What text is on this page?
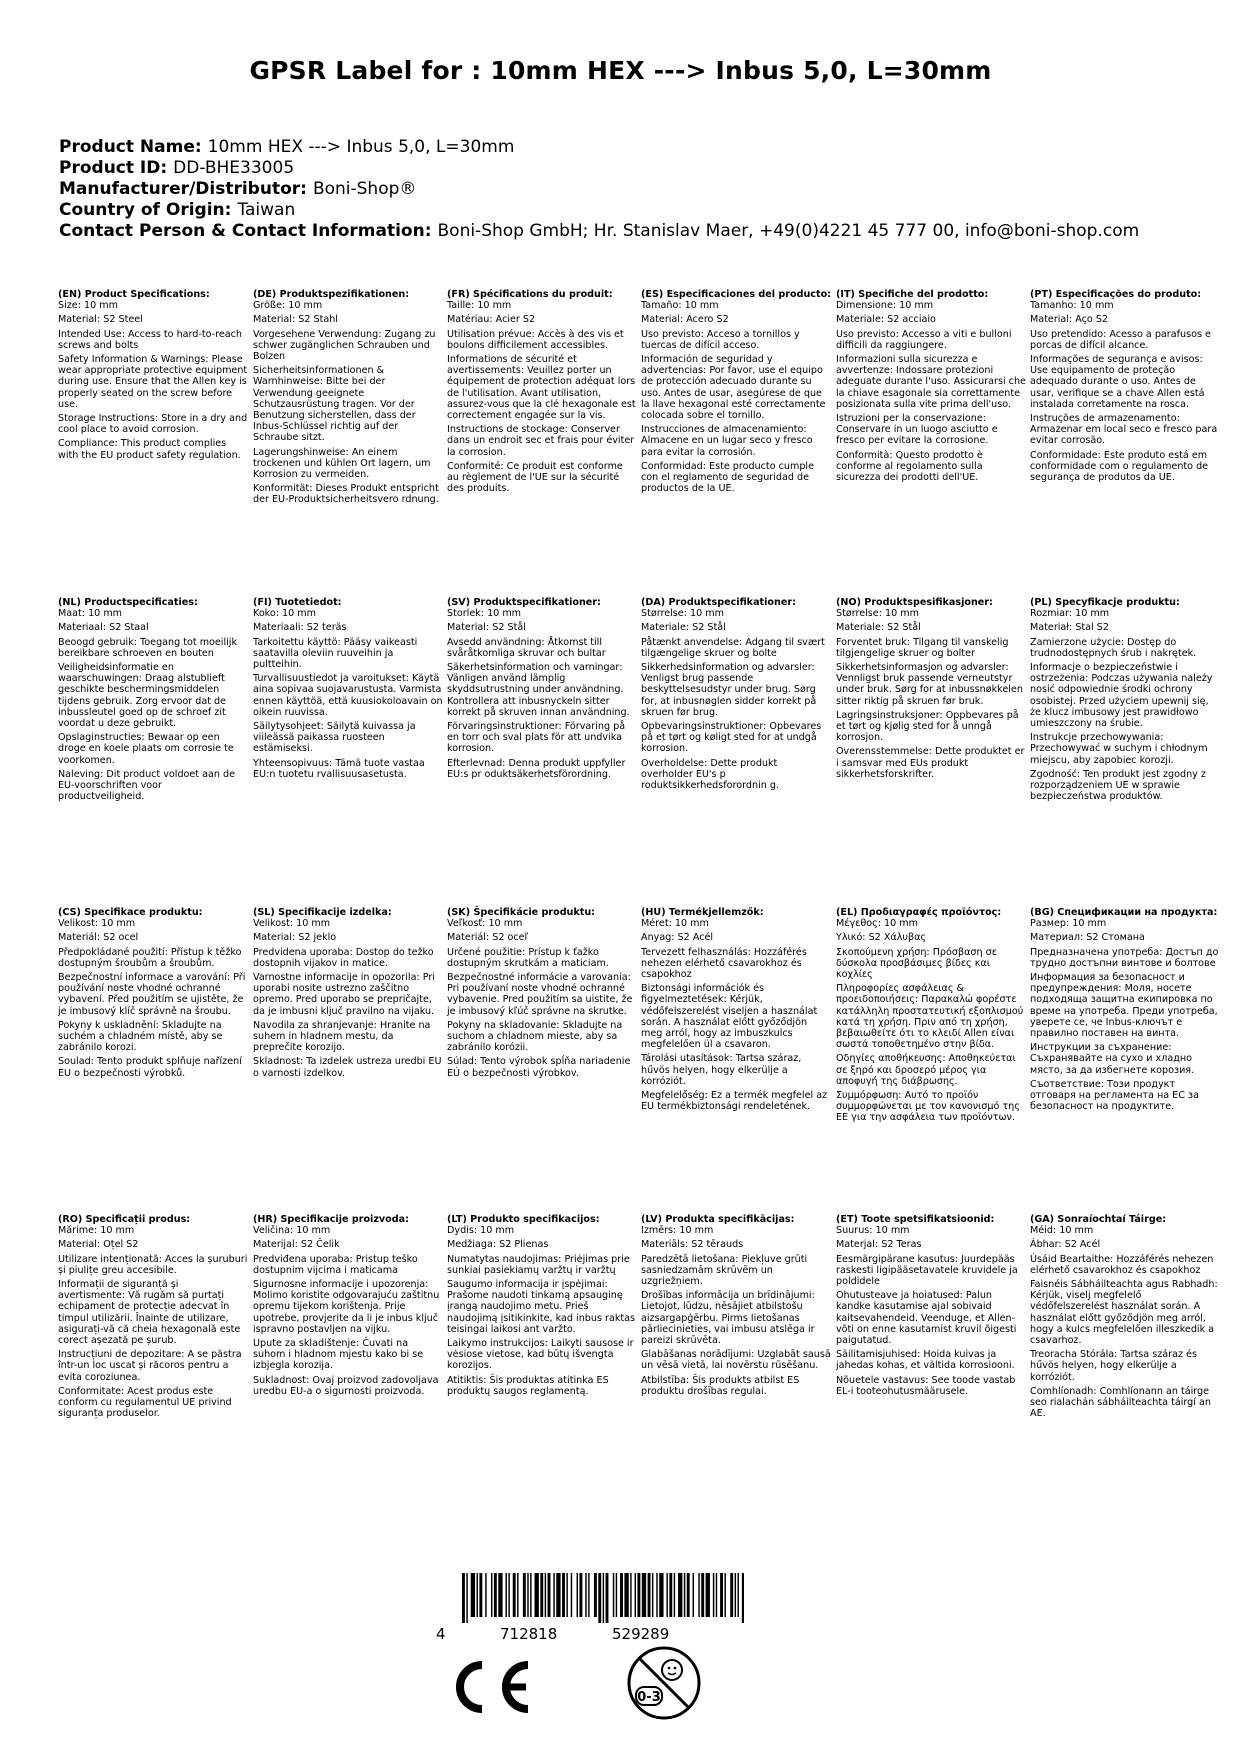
GPSR Label for : 10mm HEX ---> Inbus 5,0, L=30mm
Product Name: 10mm HEX ---> Inbus 5,0, L=30mm
Product ID: DD-BHE33005
Manufacturer/Distributor: Boni-Shop®
Country of Origin: Taiwan
Contact Person & Contact Information: Boni-Shop GmbH; Hr. Stanislav Maer, +49(0)4221 45 777 00, info@boni-shop.com
(EN) Product Specifications:

Size: 10 mm

Material: S2 Steel

Intended Use: Access to hard-to-reach screws and bolts

Safety Information & Warnings: Please wear appropriate protective equipment during use. Ensure that the Allen key is properly seated on the screw before use.

Storage Instructions: Store in a dry and cool place to avoid corrosion.

Compliance: This product complies with the EU product safety regulation.

(DE) Produktspezifikationen:

Größe: 10 mm

Material: S2 Stahl

Vorgesehene Verwendung: Zugang zu schwer zugänglichen Schrauben und Bolzen

Sicherheitsinformationen & Warnhinweise: Bitte bei der Verwendung geeignete Schutzausrüstung tragen. Vor der Benutzung sicherstellen, dass der Inbus-Schlüssel richtig auf der Schraube sitzt.

Lagerungshinweise: An einem trockenen und kühlen Ort lagern, um Korrosion zu vermeiden.

Konformität: Dieses Produkt entspricht der EU-Produktsicherheitsvero rdnung.

(FR) Spécifications du produit:

Taille: 10 mm

Matériau: Acier S2

Utilisation prévue: Accès à des vis et boulons difficilement accessibles.

Informations de sécurité et avertissements: Veuillez porter un équipement de protection adéquat lors de l'utilisation. Avant utilisation, assurez-vous que la clé hexagonale est correctement engagée sur la vis.

Instructions de stockage: Conserver dans un endroit sec et frais pour éviter la corrosion.

Conformité: Ce produit est conforme au règlement de l'UE sur la sécurité des produits.

(ES) Especificaciones del producto:

Tamaño: 10 mm

Material: Acero S2

Uso previsto: Acceso a tornillos y tuercas de difícil acceso.

Información de seguridad y advertencias: Por favor, use el equipo de protección adecuado durante su uso. Antes de usar, asegúrese de que la llave hexagonal esté correctamente colocada sobre el tornillo.

Instrucciones de almacenamiento: Almacene en un lugar seco y fresco para evitar la corrosión.

Conformidad: Este producto cumple con el reglamento de seguridad de productos de la UE.

(IT) Specifiche del prodotto:

Dimensione: 10 mm

Materiale: S2 acciaio

Uso previsto: Accesso a viti e bulloni difficili da raggiungere.

Informazioni sulla sicurezza e avvertenze: Indossare protezioni adeguate durante l'uso. Assicurarsi che la chiave esagonale sia correttamente posizionata sulla vite prima dell'uso.

Istruzioni per la conservazione: Conservare in un luogo asciutto e fresco per evitare la corrosione.

Conformità: Questo prodotto è conforme al regolamento sulla sicurezza dei prodotti dell'UE.

(PT) Especificações do produto:

Tamanho: 10 mm

Material: Aço S2

Uso pretendido: Acesso a parafusos e porcas de difícil alcance.

Informações de segurança e avisos: Use equipamento de proteção adequado durante o uso. Antes de usar, verifique se a chave Allen está instalada corretamente na rosca.

Instruções de armazenamento: Armazenar em local seco e fresco para evitar corrosão.

Conformidade: Este produto está em conformidade com o regulamento de segurança de produtos da UE.

(NL) Productspecificaties:

Maat: 10 mm

Materiaal: S2 Staal

Beoogd gebruik: Toegang tot moeilijk bereikbare schroeven en bouten

Veiligheidsinformatie en waarschuwingen: Draag alstublieft geschikte beschermingsmiddelen tijdens gebruik. Zorg ervoor dat de inbussleutel goed op de schroef zit voordat u deze gebruikt.

Opslaginstructies: Bewaar op een droge en koele plaats om corrosie te voorkomen.

Naleving: Dit product voldoet aan de EU-voorschriften voor productveiligheid.

(FI) Tuotetiedot:

Koko: 10 mm

Materiaali: S2 teräs

Tarkoitettu käyttö: Pääsy vaikeasti saatavilla oleviin ruuveihin ja pultteihin.

Turvallisuustiedot ja varoitukset: Käytä aina sopivaa suojavarustusta. Varmista ennen käyttöä, että kuusiokoloavain on oikein ruuvissa.

Säilytysohjeet: Säilytä kuivassa ja viileässä paikassa ruosteen estämiseksi.

Yhteensopivuus: Tämä tuote vastaa EU:n tuotetu rvallisuusasetusta.

(SV) Produktspecifikationer:

Storlek: 10 mm

Material: S2 Stål

Avsedd användning: Åtkomst till svåråtkomliga skruvar och bultar

Säkerhetsinformation och varningar: Vänligen använd lämplig skyddsutrustning under användning. Kontrollera att inbusnyckeln sitter korrekt på skruven innan användning.

Förvaringsinstruktioner: Förvaring på en torr och sval plats för att undvika korrosion.

Efterlevnad: Denna produkt uppfyller EU:s pr oduktsäkerhetsförordning.

(DA) Produktspecifikationer:

Størrelse: 10 mm

Materiale: S2 Stål

Påtænkt anvendelse: Adgang til svært tilgængelige skruer og bolte

Sikkerhedsinformation og advarsler: Venligst brug passende beskyttelsesudstyr under brug. Sørg for, at inbusnøglen sidder korrekt på skruen før brug.

Opbevaringsinstruktioner: Opbevares på et tørt og køligt sted for at undgå korrosion.

Overholdelse: Dette produkt overholder EU's p roduktsikkerhedsforordnin g.

(NO) Produktspesifikasjoner:

Størrelse: 10 mm

Materiale: S2 Stål

Forventet bruk: Tilgang til vanskelig tilgjengelige skruer og bolter

Sikkerhetsinformasjon og advarsler: Vennligst bruk passende verneutstyr under bruk. Sørg for at inbussnøkkelen sitter riktig på skruen før bruk.

Lagringsinstruksjoner: Oppbevares på et tørt og kjølig sted for å unngå korrosjon.

Overensstemmelse: Dette produktet er i samsvar med EUs produkt sikkerhetsforskrifter.

(PL) Specyfikacje produktu:

Rozmiar: 10 mm

Materiał: Stal S2

Zamierzone użycie: Dostęp do trudnodostępnych śrub i nakrętek.

Informacje o bezpieczeństwie i ostrzeżenia: Podczas używania należy nosić odpowiednie środki ochrony osobistej. Przed użyciem upewnij się, że klucz imbusowy jest prawidłowo umieszczony na śrubie.

Instrukcje przechowywania: Przechowywać w suchym i chłodnym miejscu, aby zapobiec korozji.

Zgodność: Ten produkt jest zgodny z rozporządzeniem UE w sprawie bezpieczeństwa produktów.

(CS) Specifikace produktu:

Velikost: 10 mm

Materiál: S2 ocel

Předpokládané použití: Přístup k těžko dostupným šroubům a šroubům.

Bezpečnostní informace a varování: Při používání noste vhodné ochranné vybavení. Před použitím se ujistěte, že je imbusový klíč správně na šroubu.

Pokyny k uskladnění: Skladujte na suchém a chladném místě, aby se zabránilo korozi.

Soulad: Tento produkt splňuje nařízení EU o bezpečnosti výrobků.

(SL) Specifikacije izdelka:

Velikost: 10 mm

Material: S2 jeklo

Predvidena uporaba: Dostop do težko dostopnih vijakov in matice.

Varnostne informacije in opozorila: Pri uporabi nosite ustrezno zaščitno opremo. Pred uporabo se prepričajte, da je imbusni ključ pravilno na vijaku.

Navodila za shranjevanje: Hranite na suhem in hladnem mestu, da preprečite korozijo.

Skladnost: Ta izdelek ustreza uredbi EU o varnosti izdelkov.

(SK) Špecifikácie produktu:

Veľkosť: 10 mm

Materiál: S2 oceľ

Určené použitie: Prístup k ťažko dostupným skrutkám a maticiam.

Bezpečnostné informácie a varovania: Pri používaní noste vhodné ochranné vybavenie. Pred použitím sa uistite, že je imbusový kľúč správne na skrutke.

Pokyny na skladovanie: Skladujte na suchom a chladnom mieste, aby sa zabránilo korózii.

Súlad: Tento výrobok spĺňa nariadenie EÚ o bezpečnosti výrobkov.

(HU) Termékjellemzők:

Méret: 10 mm

Anyag: S2 Acél

Tervezett felhasználás: Hozzáférés nehezen elérhető csavarokhoz és csapokhoz

Biztonsági információk és figyelmeztetések: Kérjük, védőfelszerelést viseljen a használat során. A használat előtt győződjön meg arról, hogy az imbuszkulcs megfelelően ül a csavaron.

Tárolási utasítások: Tartsa száraz, hűvös helyen, hogy elkerülje a korróziót.

Megfelelőség: Ez a termék megfelel az EU termékbiztonsági rendeletének.

(EL) Προδιαγραφές προϊόντος:

Μέγεθος: 10 mm

Υλικό: S2 Χάλυβας

Σκοπούμενη χρήση: Πρόσβαση σε δύσκολα προσβάσιμες βίδες και κοχλίες

Πληροφορίες ασφάλειας & προειδοποιήσεις: Παρακαλώ φορέστε κατάλληλη προστατευτική εξοπλισμού κατά τη χρήση. Πριν από τη χρήση, βεβαιωθείτε ότι το κλειδί Allen είναι σωστά τοποθετημένο στην βίδα.

Οδηγίες αποθήκευσης: Αποθηκεύεται σε ξηρό και δροσερό μέρος για αποφυγή της διάβρωσης.

Συμμόρφωση: Αυτό το προϊόν συμμορφώνεται με τον κανονισμό της ΕΕ για την ασφάλεια των προϊόντων.

(BG) Спецификации на продукта:

Размер: 10 mm

Материал: S2 Стомана

Предназначена употреба: Достъп до трудно достъпни винтове и болтове

Информация за безопасност и предупреждения: Моля, носете подходяща защитна екипировка по време на употреба. Преди употреба, уверете се, че Inbus-ключът е правилно поставен на винта.

Инструкции за съхранение: Съхранявайте на сухо и хладно място, за да избегнете корозия.

Съответствие: Този продукт отговаря на регламента на ЕС за безопасност на продуктите.

(RO) Specificații produs:

Mărime: 10 mm

Material: Oțel S2

Utilizare intenționată: Acces la șuruburi și piulițe greu accesibile.

Informații de siguranță și avertismente: Vă rugăm să purtați echipament de protecție adecvat în timpul utilizării. Înainte de utilizare, asigurați-vă că cheia hexagonală este corect așezată pe șurub.

Instrucțiuni de depozitare: A se păstra într-un loc uscat și răcoros pentru a evita coroziunea.

Conformitate: Acest produs este conform cu regulamentul UE privind siguranța produselor.

(HR) Specifikacije proizvoda:

Veličina: 10 mm

Materijal: S2 Čelik

Predviđena uporaba: Pristup teško dostupnim vijcima i maticama

Sigurnosne informacije i upozorenja: Molimo koristite odgovarajuću zaštitnu opremu tijekom korištenja. Prije upotrebe, provjerite da li je inbus ključ ispravno postavljen na vijku.

Upute za skladištenje: Čuvati na suhom i hladnom mjestu kako bi se izbjegla korozija.

Sukladnost: Ovaj proizvod zadovoljava uredbu EU-a o sigurnosti proizvoda.

(LT) Produkto specifikacijos:

Dydis: 10 mm

Medžiaga: S2 Plienas

Numatytas naudojimas: Priėjimas prie sunkiai pasiekiamų varžtų ir varžtų

Saugumo informacija ir įspėjimai: Prašome naudoti tinkamą apsauginę įrangą naudojimo metu. Prieš naudojimą įsitikinkite, kad inbus raktas teisingai laikosi ant varžto.

Laikymo instrukcijos: Laikyti sausose ir vėsiose vietose, kad būtų išvengta korozijos.

Atitiktis: Šis produktas atitinka ES produktų saugos reglamentą.

(LV) Produkta specifikācijas:

Izmērs: 10 mm

Materiāls: S2 tērauds

Paredzētā lietošana: Piekļuve grūti sasniedzamām skrūvēm un uzgriežņiem.

Drošības informācija un brīdinājumi: Lietojot, lūdzu, nēsājiet atbilstošu aizsargapģērbu. Pirms lietošanas pārliecinieties, vai imbusu atslēga ir pareizi skrūvēta.

Glabāšanas norādījumi: Uzglabāt sausā un vēsā vietā, lai novērstu rūsēšanu.

Atbilstība: Šis produkts atbilst ES produktu drošības regulai.

(ET) Toote spetsifikatsioonid:

Suurus: 10 mm

Materjal: S2 Teras

Eesmärgipärane kasutus: Juurdepääs raskesti ligipääsetavatele kruvidele ja poldidele

Ohutusteave ja hoiatused: Palun kandke kasutamise ajal sobivaid kaitsevahendeid. Veenduge, et Allen-võti on enne kasutamist kruvil õigesti paigutatud.

Säilitamisjuhised: Hoida kuivas ja jahedas kohas, et vältida korrosiooni.

Nõuetele vastavus: See toode vastab EL-i tooteohutusmäärusele.

(GA) Sonraíochtaí Táirge:

Méid: 10 mm

Ábhar: S2 Acél

Úsáid Beartaithe: Hozzáférés nehezen elérhető csavarokhoz és csapokhoz

Faisnéis Sábháilteachta agus Rabhadh: Kérjük, viselj megfelelő védőfelszerelést használat során. A használat előtt győződjön meg arról, hogy a kulcs megfelelően illeszkedik a csavarhoz.

Treoracha Stórála: Tartsa száraz és hűvös helyen, hogy elkerülje a korróziót.

Comhlíonadh: Comhlíonann an táirge seo rialachán sábháilteachta táirgí an AE.

4	712818	529289
0-3
